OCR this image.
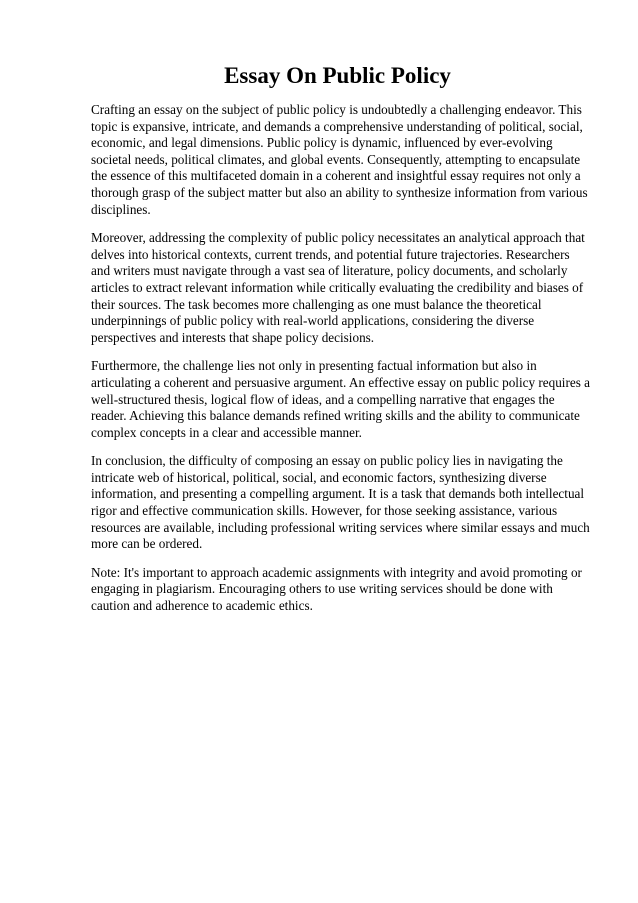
Essay On Public Policy

Crafting an essay on the subject of public policy is undoubtedly a challenging endeavor. This topic is expansive, intricate, and demands a comprehensive understanding of political, social, economic, and legal dimensions. Public policy is dynamic, influenced by ever-evolving societal needs, political climates, and global events. Consequently, attempting to encapsulate the essence of this multifaceted domain in a coherent and insightful essay requires not only a thorough grasp of the subject matter but also an ability to synthesize information from various disciplines.

Moreover, addressing the complexity of public policy necessitates an analytical approach that delves into historical contexts, current trends, and potential future trajectories. Researchers and writers must navigate through a vast sea of literature, policy documents, and scholarly articles to extract relevant information while critically evaluating the credibility and biases of their sources. The task becomes more challenging as one must balance the theoretical underpinnings of public policy with real-world applications, considering the diverse perspectives and interests that shape policy decisions.

Furthermore, the challenge lies not only in presenting factual information but also in articulating a coherent and persuasive argument. An effective essay on public policy requires a well-structured thesis, logical flow of ideas, and a compelling narrative that engages the reader. Achieving this balance demands refined writing skills and the ability to communicate complex concepts in a clear and accessible manner.

In conclusion, the difficulty of composing an essay on public policy lies in navigating the intricate web of historical, political, social, and economic factors, synthesizing diverse information, and presenting a compelling argument. It is a task that demands both intellectual rigor and effective communication skills. However, for those seeking assistance, various resources are available, including professional writing services where similar essays and much more can be ordered.

Note: It's important to approach academic assignments with integrity and avoid promoting or engaging in plagiarism. Encouraging others to use writing services should be done with caution and adherence to academic ethics.
